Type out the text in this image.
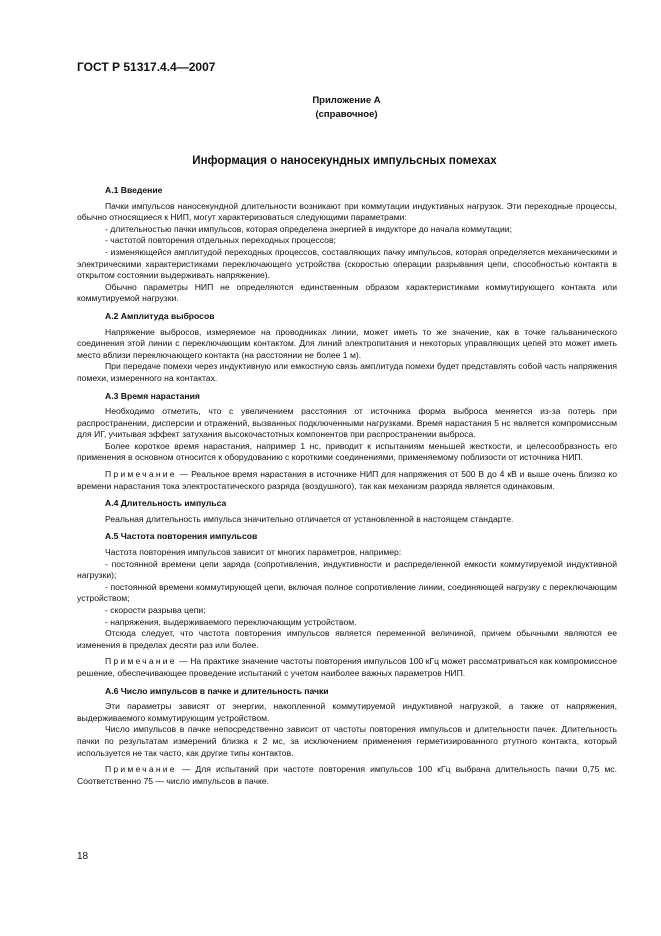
ГОСТ Р 51317.4.4—2007
Приложение А
(справочное)
Информация о наносекундных импульсных помехах
А.1 Введение

Пачки импульсов наносекундной длительности возникают при коммутации индуктивных нагрузок. Эти переходные процессы, обычно относящиеся к НИП, могут характеризоваться следующими параметрами:

- длительностью пачки импульсов, которая определена энергией в индукторе до начала коммутации;

- частотой повторения отдельных переходных процессов;

- изменяющейся амплитудой переходных процессов, составляющих пачку импульсов, которая определяется механическими и электрическими характеристиками переключающего устройства (скоростью операции разрывания цепи, способностью контакта в открытом состоянии выдерживать напряжение).

Обычно параметры НИП не определяются единственным образом характеристиками коммутирующего контакта или коммутируемой нагрузки.

А.2 Амплитуда выбросов

Напряжение выбросов, измеряемое на проводниках линии, может иметь то же значение, как в точке гальванического соединения этой линии с переключающим контактом. Для линий электропитания и некоторых управляющих цепей это может иметь место вблизи переключающего контакта (на расстоянии не более 1 м).

При передаче помехи через индуктивную или емкостную связь амплитуда помехи будет представлять собой часть напряжения помехи, измеренного на контактах.

А.3 Время нарастания

Необходимо отметить, что с увеличением расстояния от источника форма выброса меняется из-за потерь при распространении, дисперсии и отражений, вызванных подключенными нагрузками. Время нарастания 5 нс является компромиссным для ИГ, учитывая эффект затухания высокочастотных компонентов при распространении выброса.

Более короткое время нарастания, например 1 нс, приводит к испытаниям меньшей жесткости, и целесообразность его применения в основном относится к оборудованию с короткими соединениями, применяемому поблизости от источника НИП.

Примечание — Реальное время нарастания в источнике НИП для напряжения от 500 В до 4 кВ и выше очень близко ко времени нарастания тока электростатического разряда (воздушного), так как механизм разряда является одинаковым.

А.4 Длительность импульса

Реальная длительность импульса значительно отличается от установленной в настоящем стандарте.

А.5 Частота повторения импульсов

Частота повторения импульсов зависит от многих параметров, например:

- постоянной времени цепи заряда (сопротивления, индуктивности и распределенной емкости коммутируемой индуктивной нагрузки);

- постоянной времени коммутирующей цепи, включая полное сопротивление линии, соединяющей нагрузку с переключающим устройством;

- скорости разрыва цепи;

- напряжения, выдерживаемого переключающим устройством.

Отсюда следует, что частота повторения импульсов является переменной величиной, причем обычными являются ее изменения в пределах десяти раз или более.

Примечание — На практике значение частоты повторения импульсов 100 кГц может рассматриваться как компромиссное решение, обеспечивающее проведение испытаний с учетом наиболее важных параметров НИП.

А.6 Число импульсов в пачке и длительность пачки

Эти параметры зависят от энергии, накопленной коммутируемой индуктивной нагрузкой, а также от напряжения, выдерживаемого коммутирующим устройством.

Число импульсов в пачке непосредственно зависит от частоты повторения импульсов и длительности пачек. Длительность пачки по результатам измерений близка к 2 мс, за исключением применения герметизированного ртутного контакта, который используется не так часто, как другие типы контактов.

Примечание — Для испытаний при частоте повторения импульсов 100 кГц выбрана длительность пачки 0,75 мс. Соответственно 75 — число импульсов в пачке.

18
